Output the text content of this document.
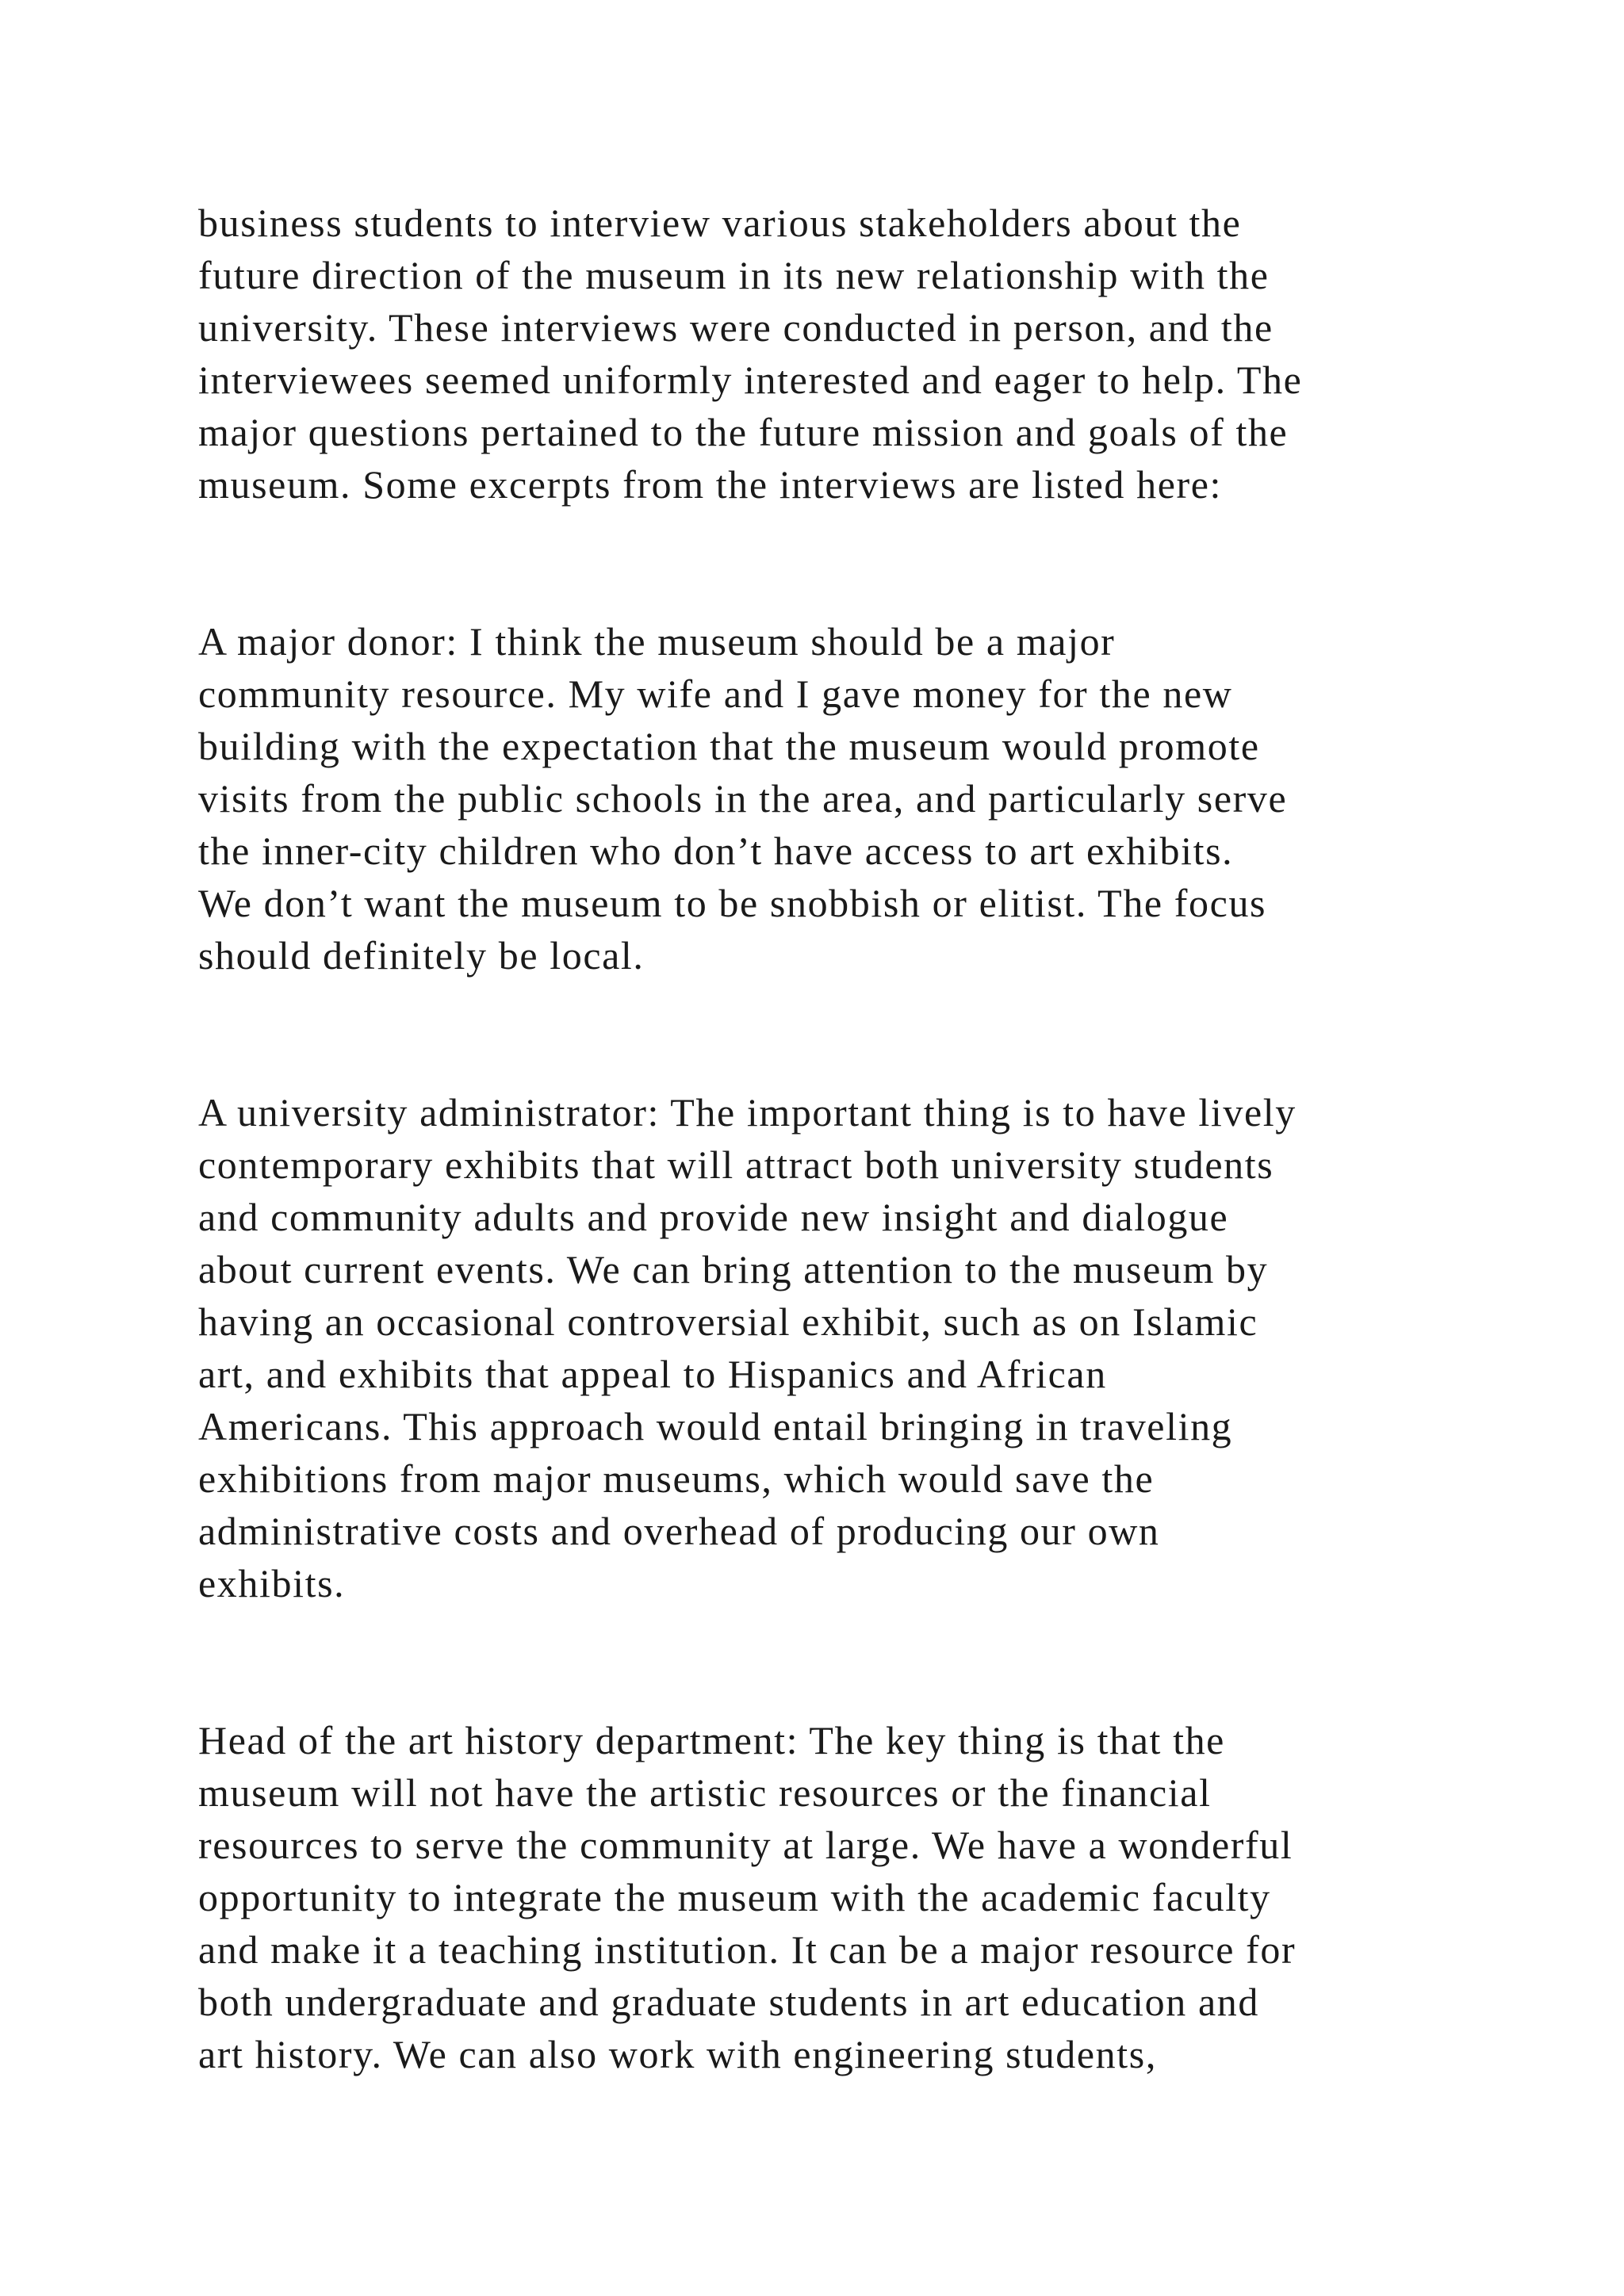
business students to interview various stakeholders about the
future direction of the museum in its new relationship with the
university. These interviews were conducted in person, and the
interviewees seemed uniformly interested and eager to help. The
major questions pertained to the future mission and goals of the
museum. Some excerpts from the interviews are listed here:

A major donor: I think the museum should be a major
community resource. My wife and I gave money for the new
building with the expectation that the museum would promote
visits from the public schools in the area, and particularly serve
the inner-city children who don’t have access to art exhibits.
We don’t want the museum to be snobbish or elitist. The focus
should definitely be local.

A university administrator: The important thing is to have lively
contemporary exhibits that will attract both university students
and community adults and provide new insight and dialogue
about current events. We can bring attention to the museum by
having an occasional controversial exhibit, such as on Islamic
art, and exhibits that appeal to Hispanics and African
Americans. This approach would entail bringing in traveling
exhibitions from major museums, which would save the
administrative costs and overhead of producing our own
exhibits.

Head of the art history department: The key thing is that the
museum will not have the artistic resources or the financial
resources to serve the community at large. We have a wonderful
opportunity to integrate the museum with the academic faculty
and make it a teaching institution. It can be a major resource for
both undergraduate and graduate students in art education and
art history. We can also work with engineering students,
